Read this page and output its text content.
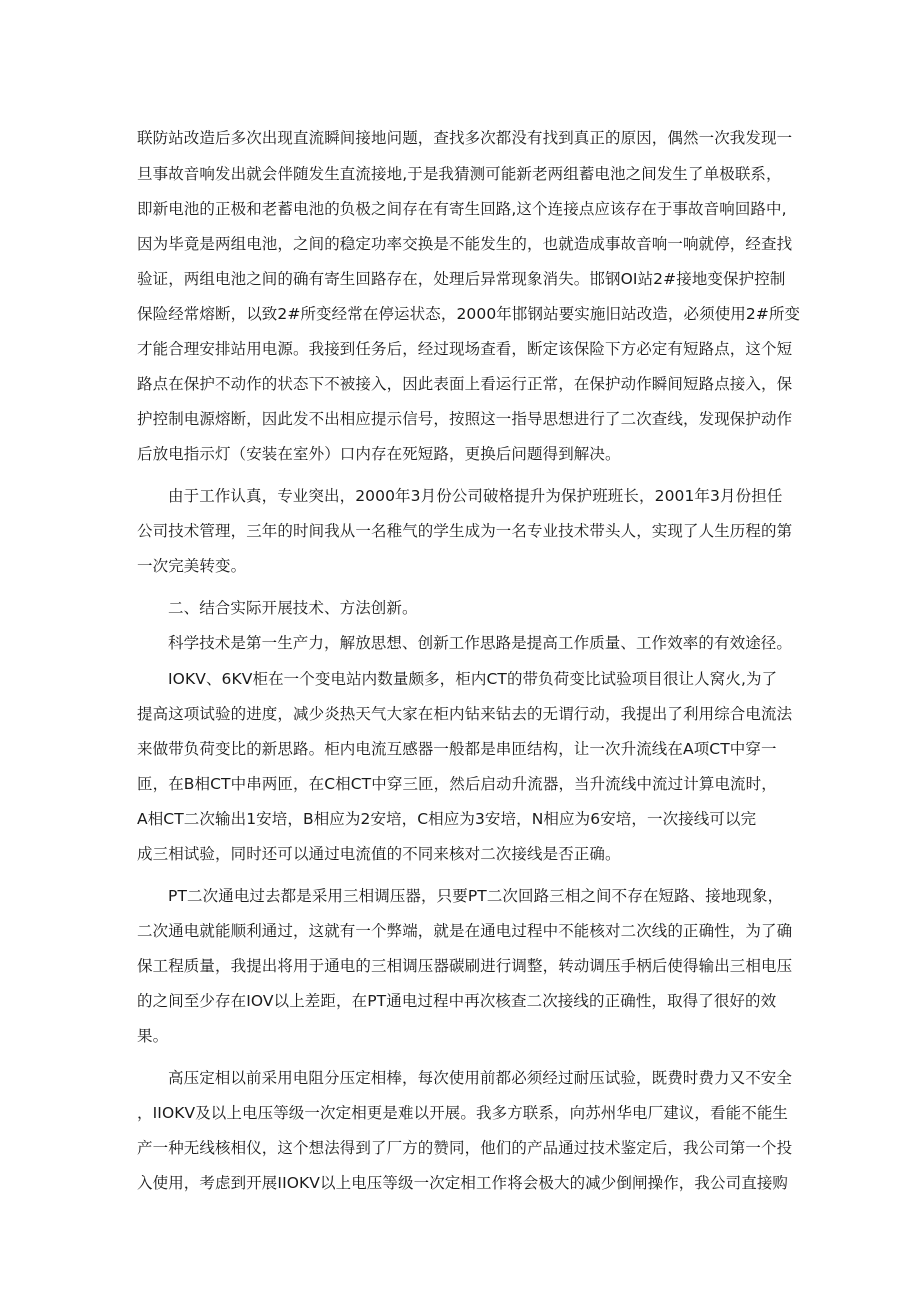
联防站改造后多次出现直流瞬间接地问题，查找多次都没有找到真正的原因，偶然一次我发现一
旦事故音响发出就会伴随发生直流接地,于是我猜测可能新老两组蓄电池之间发生了单极联系，
即新电池的正极和老蓄电池的负极之间存在有寄生回路,这个连接点应该存在于事故音响回路中,
因为毕竟是两组电池，之间的稳定功率交换是不能发生的，也就造成事故音响一响就停，经查找
验证，两组电池之间的确有寄生回路存在，处理后异常现象消失。邯钢OI站2#接地变保护控制
保险经常熔断，以致2#所变经常在停运状态，2000年邯钢站要实施旧站改造，必须使用2#所变
才能合理安排站用电源。我接到任务后，经过现场查看，断定该保险下方必定有短路点，这个短
路点在保护不动作的状态下不被接入，因此表面上看运行正常，在保护动作瞬间短路点接入，保
护控制电源熔断，因此发不出相应提示信号，按照这一指导思想进行了二次查线，发现保护动作
后放电指示灯（安装在室外）口内存在死短路，更换后问题得到解决。
由于工作认真，专业突出，2000年3月份公司破格提升为保护班班长，2001年3月份担任
公司技术管理，三年的时间我从一名稚气的学生成为一名专业技术带头人，实现了人生历程的第
一次完美转变。
二、结合实际开展技术、方法创新。
科学技术是第一生产力，解放思想、创新工作思路是提高工作质量、工作效率的有效途径。
IOKV、6KV柜在一个变电站内数量颇多，柜内CT的带负荷变比试验项目很让人窝火,为了
提高这项试验的进度，减少炎热天气大家在柜内钻来钻去的无谓行动，我提出了利用综合电流法
来做带负荷变比的新思路。柜内电流互感器一般都是串匝结构，让一次升流线在A项CT中穿一
匝，在B相CT中串两匝，在C相CT中穿三匝，然后启动升流器，当升流线中流过计算电流时，
A相CT二次输出1安培，B相应为2安培，C相应为3安培，N相应为6安培，一次接线可以完
成三相试验，同时还可以通过电流值的不同来核对二次接线是否正确。
PT二次通电过去都是采用三相调压器，只要PT二次回路三相之间不存在短路、接地现象，
二次通电就能顺利通过，这就有一个弊端，就是在通电过程中不能核对二次线的正确性，为了确
保工程质量，我提出将用于通电的三相调压器碳刷进行调整，转动调压手柄后使得输出三相电压
的之间至少存在IOV以上差距，在PT通电过程中再次核查二次接线的正确性，取得了很好的效
果。
高压定相以前采用电阻分压定相棒，每次使用前都必须经过耐压试验，既费时费力又不安全
，IIOKV及以上电压等级一次定相更是难以开展。我多方联系，向苏州华电厂建议，看能不能生
产一种无线核相仪，这个想法得到了厂方的赞同，他们的产品通过技术鉴定后，我公司第一个投
入使用，考虑到开展IIOKV以上电压等级一次定相工作将会极大的减少倒闸操作，我公司直接购
